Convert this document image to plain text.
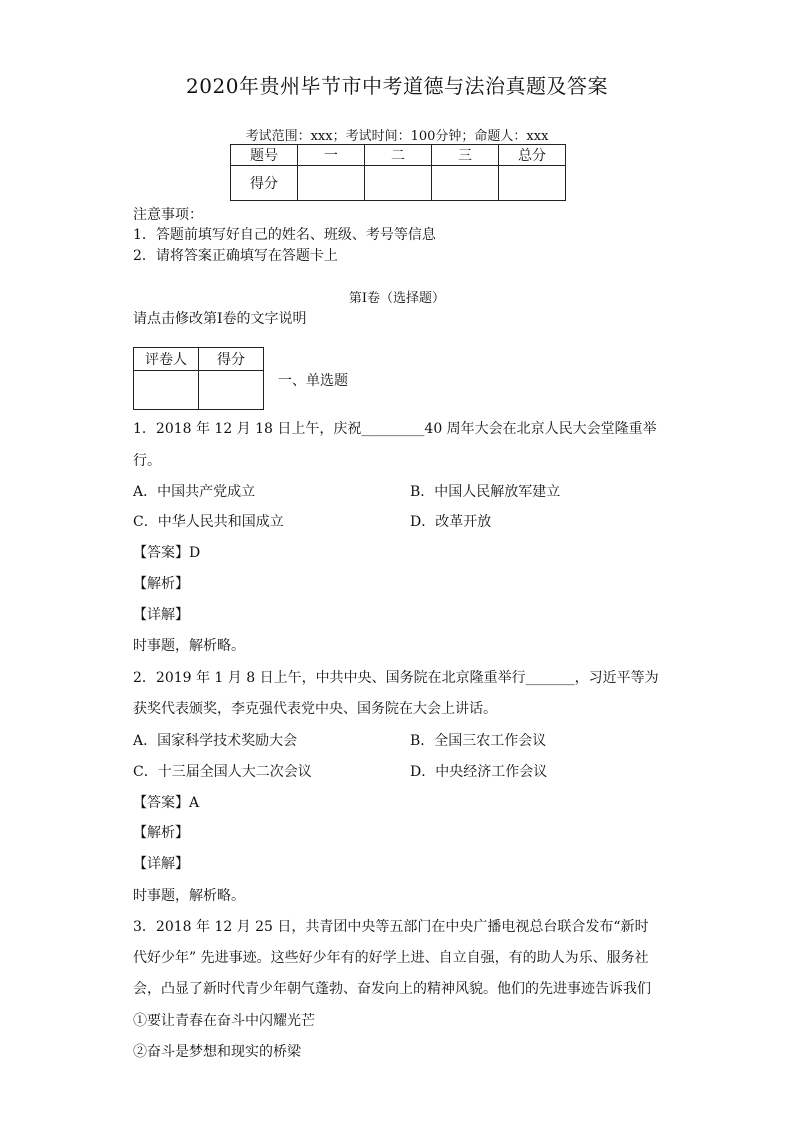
2020年贵州毕节市中考道德与法治真题及答案
考试范围：xxx；考试时间：100分钟；命题人：xxx
题号	一	二	三	总分
得分				
注意事项：
1．答题前填写好自己的姓名、班级、考号等信息
2．请将答案正确填写在答题卡上
第I卷（选择题）
请点击修改第I卷的文字说明
评卷人	得分

一、单选题
1．2018 年 12 月 18 日上午，庆祝_________40 周年大会在北京人民大会堂隆重举
行。
A．中国共产党成立	B．中国人民解放军建立
C．中华人民共和国成立	D．改革开放
【答案】D
【解析】
【详解】
时事题，解析略。
2．2019 年 1 月 8 日上午，中共中央、国务院在北京隆重举行_______，习近平等为
获奖代表颁奖，李克强代表党中央、国务院在大会上讲话。
A．国家科学技术奖励大会	B．全国三农工作会议
C．十三届全国人大二次会议	D．中央经济工作会议
【答案】A
【解析】
【详解】
时事题，解析略。
3．2018 年 12 月 25 日，共青团中央等五部门在中央广播电视总台联合发布“新时
代好少年” 先进事迹。这些好少年有的好学上进、自立自强，有的助人为乐、服务社
会，凸显了新时代青少年朝气蓬勃、奋发向上的精神风貌。他们的先进事迹告诉我们
①要让青春在奋斗中闪耀光芒
②奋斗是梦想和现实的桥梁
